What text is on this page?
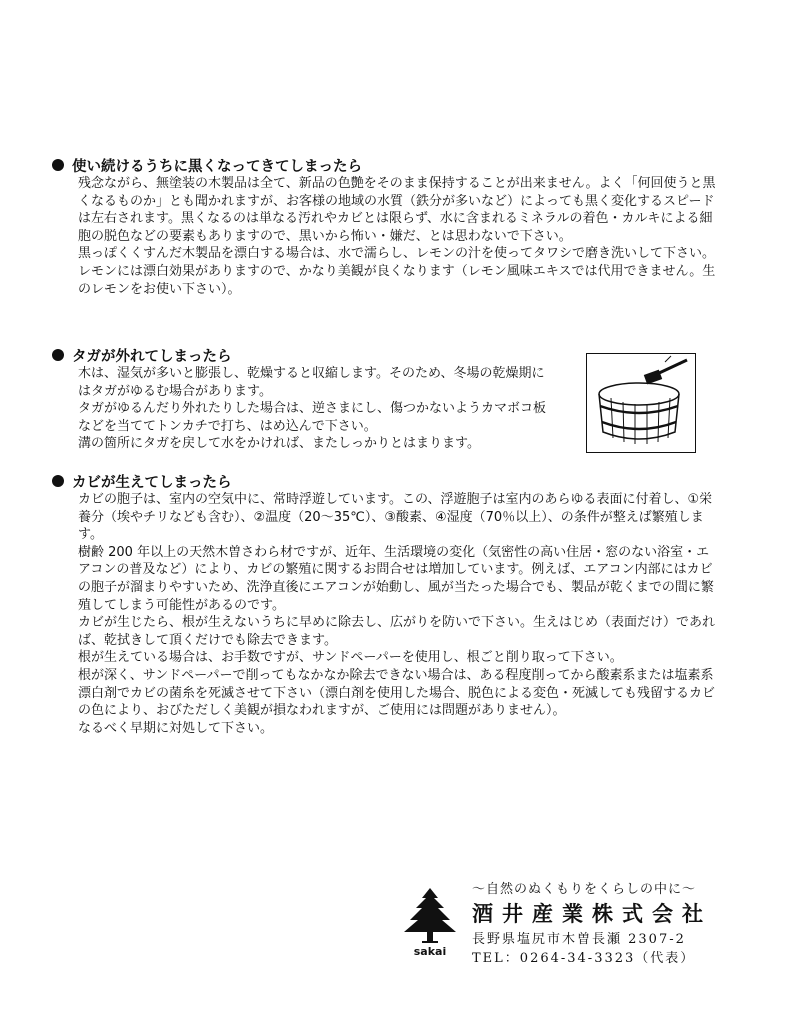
使い続けるうちに黒くなってきてしまったら

残念ながら、無塗装の木製品は全て、新品の色艶をそのまま保持することが出来ません。よく「何回使うと黒くなるものか」とも聞かれますが、お客様の地域の水質（鉄分が多いなど）によっても黒く変化するスピードは左右されます。黒くなるのは単なる汚れやカビとは限らず、水に含まれるミネラルの着色・カルキによる細胞の脱色などの要素もありますので、黒いから怖い・嫌だ、とは思わないで下さい。

黒っぽくくすんだ木製品を漂白する場合は、水で濡らし、レモンの汁を使ってタワシで磨き洗いして下さい。レモンには漂白効果がありますので、かなり美観が良くなります（レモン風味エキスでは代用できません。生のレモンをお使い下さい）。

タガが外れてしまったら

木は、湿気が多いと膨張し、乾燥すると収縮します。そのため、冬場の乾燥期にはタガがゆるむ場合があります。

タガがゆるんだり外れたりした場合は、逆さまにし、傷つかないようカマボコ板などを当ててトンカチで打ち、はめ込んで下さい。

溝の箇所にタガを戻して水をかければ、またしっかりとはまります。

カビが生えてしまったら

カビの胞子は、室内の空気中に、常時浮遊しています。この、浮遊胞子は室内のあらゆる表面に付着し、①栄養分（埃やチリなども含む）、②温度（20～35℃）、③酸素、④湿度（70％以上）、の条件が整えば繁殖します。

樹齢 200 年以上の天然木曽さわら材ですが、近年、生活環境の変化（気密性の高い住居・窓のない浴室・エアコンの普及など）により、カビの繁殖に関するお問合せは増加しています。例えば、エアコン内部にはカビの胞子が溜まりやすいため、洗浄直後にエアコンが始動し、風が当たった場合でも、製品が乾くまでの間に繁殖してしまう可能性があるのです。

カビが生じたら、根が生えないうちに早めに除去し、広がりを防いで下さい。生えはじめ（表面だけ）であれば、乾拭きして頂くだけでも除去できます。

根が生えている場合は、お手数ですが、サンドペーパーを使用し、根ごと削り取って下さい。

根が深く、サンドペーパーで削ってもなかなか除去できない場合は、ある程度削ってから酸素系または塩素系漂白剤でカビの菌糸を死滅させて下さい（漂白剤を使用した場合、脱色による変色・死滅しても残留するカビの色により、おびただしく美観が損なわれますが、ご使用には問題がありません）。

なるべく早期に対処して下さい。

sakai
～自然のぬくもりをくらしの中に～
酒井産業株式会社
長野県塩尻市木曽長瀬 2307-2
TEL：0264-34-3323（代表）
